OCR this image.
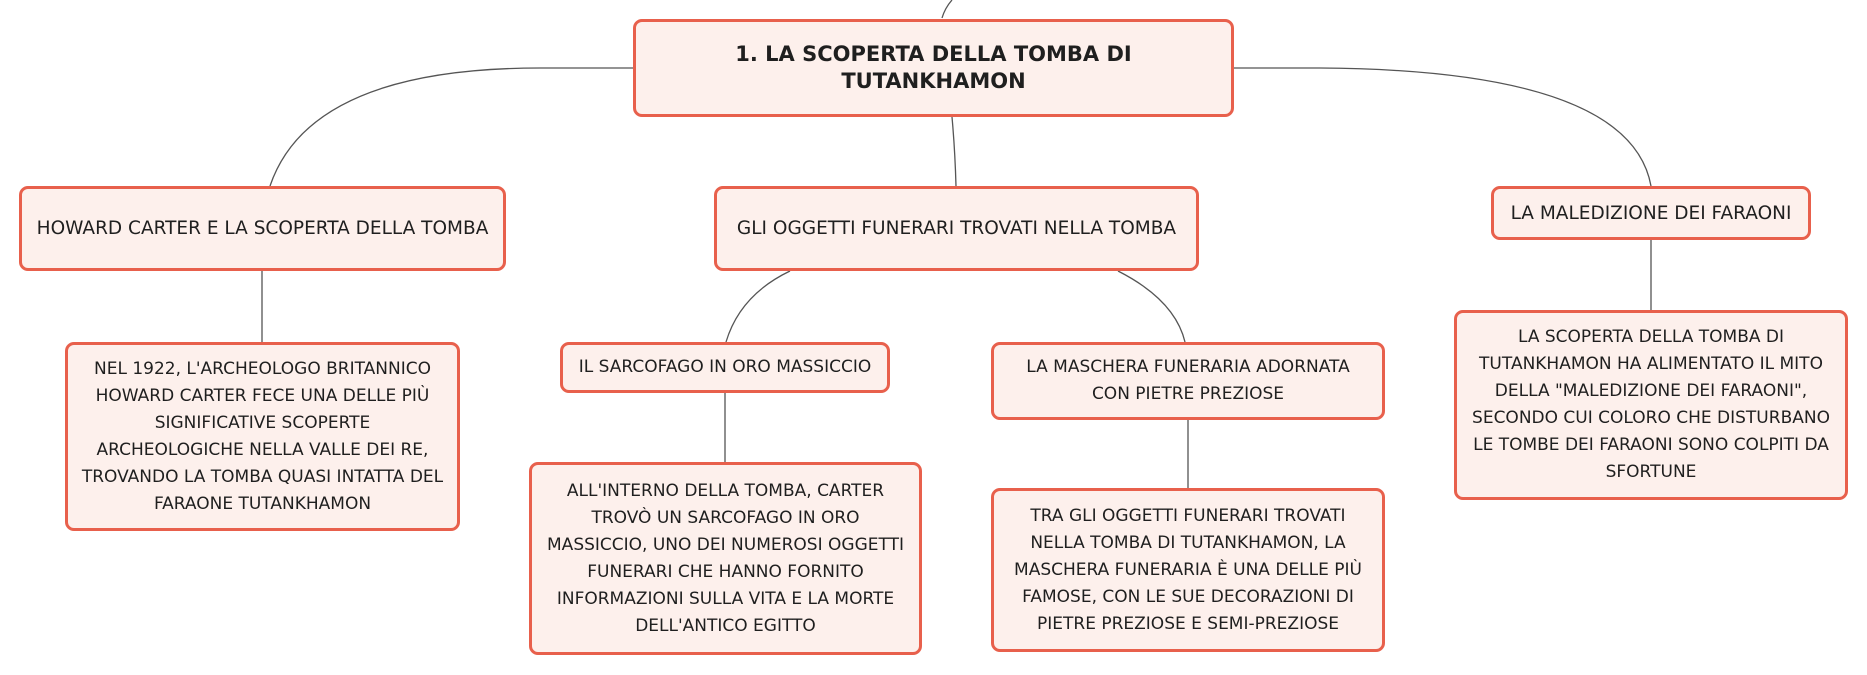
1. LA SCOPERTA DELLA TOMBA DI TUTANKHAMON
HOWARD CARTER E LA SCOPERTA DELLA TOMBA	GLI OGGETTI FUNERARI TROVATI NELLA TOMBA
LA MALEDIZIONE DEI FARAONI
NEL 1922, L'ARCHEOLOGO BRITANNICO HOWARD CARTER FECE UNA DELLE PIÙ SIGNIFICATIVE SCOPERTE ARCHEOLOGICHE NELLA VALLE DEI RE, TROVANDO LA TOMBA QUASI INTATTA DEL FARAONE TUTANKHAMON
IL SARCOFAGO IN ORO MASSICCIO	LA MASCHERA FUNERARIA ADORNATA CON PIETRE PREZIOSE
ALL'INTERNO DELLA TOMBA, CARTER TROVÒ UN SARCOFAGO IN ORO MASSICCIO, UNO DEI NUMEROSI OGGETTI FUNERARI CHE HANNO FORNITO INFORMAZIONI SULLA VITA E LA MORTE DELL'ANTICO EGITTO
TRA GLI OGGETTI FUNERARI TROVATI NELLA TOMBA DI TUTANKHAMON, LA MASCHERA FUNERARIA È UNA DELLE PIÙ FAMOSE, CON LE SUE DECORAZIONI DI PIETRE PREZIOSE E SEMI-PREZIOSE
LA SCOPERTA DELLA TOMBA DI TUTANKHAMON HA ALIMENTATO IL MITO DELLA "MALEDIZIONE DEI FARAONI", SECONDO CUI COLORO CHE DISTURBANO LE TOMBE DEI FARAONI SONO COLPITI DA SFORTUNE
